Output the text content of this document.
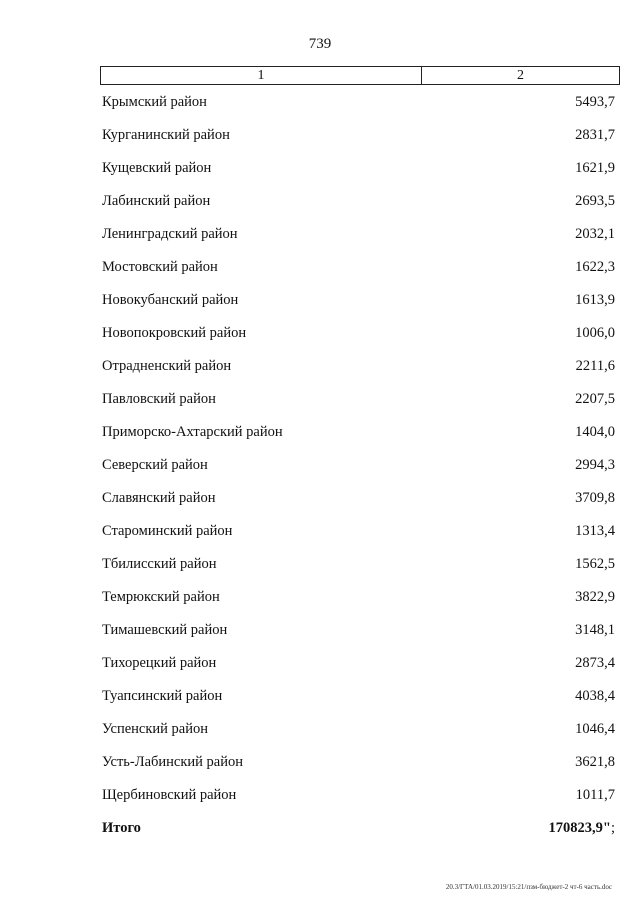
739
1	2
Крымский район	5493,7
Курганинский район	2831,7
Кущевский район	1621,9
Лабинский район	2693,5
Ленинградский район	2032,1
Мостовский район	1622,3
Новокубанский район	1613,9
Новопокровский район	1006,0
Отрадненский район	2211,6
Павловский район	2207,5
Приморско-Ахтарский район	1404,0
Северский район	2994,3
Славянский район	3709,8
Староминский район	1313,4
Тбилисский район	1562,5
Темрюкский район	3822,9
Тимашевский район	3148,1
Тихорецкий район	2873,4
Туапсинский район	4038,4
Успенский район	1046,4
Усть-Лабинский район	3621,8
Щербиновский район	1011,7
Итого	170823,9";
20.3/ГТА/01.03.2019/15:21/пзм-бюджет-2 чт-6 часть.doc
